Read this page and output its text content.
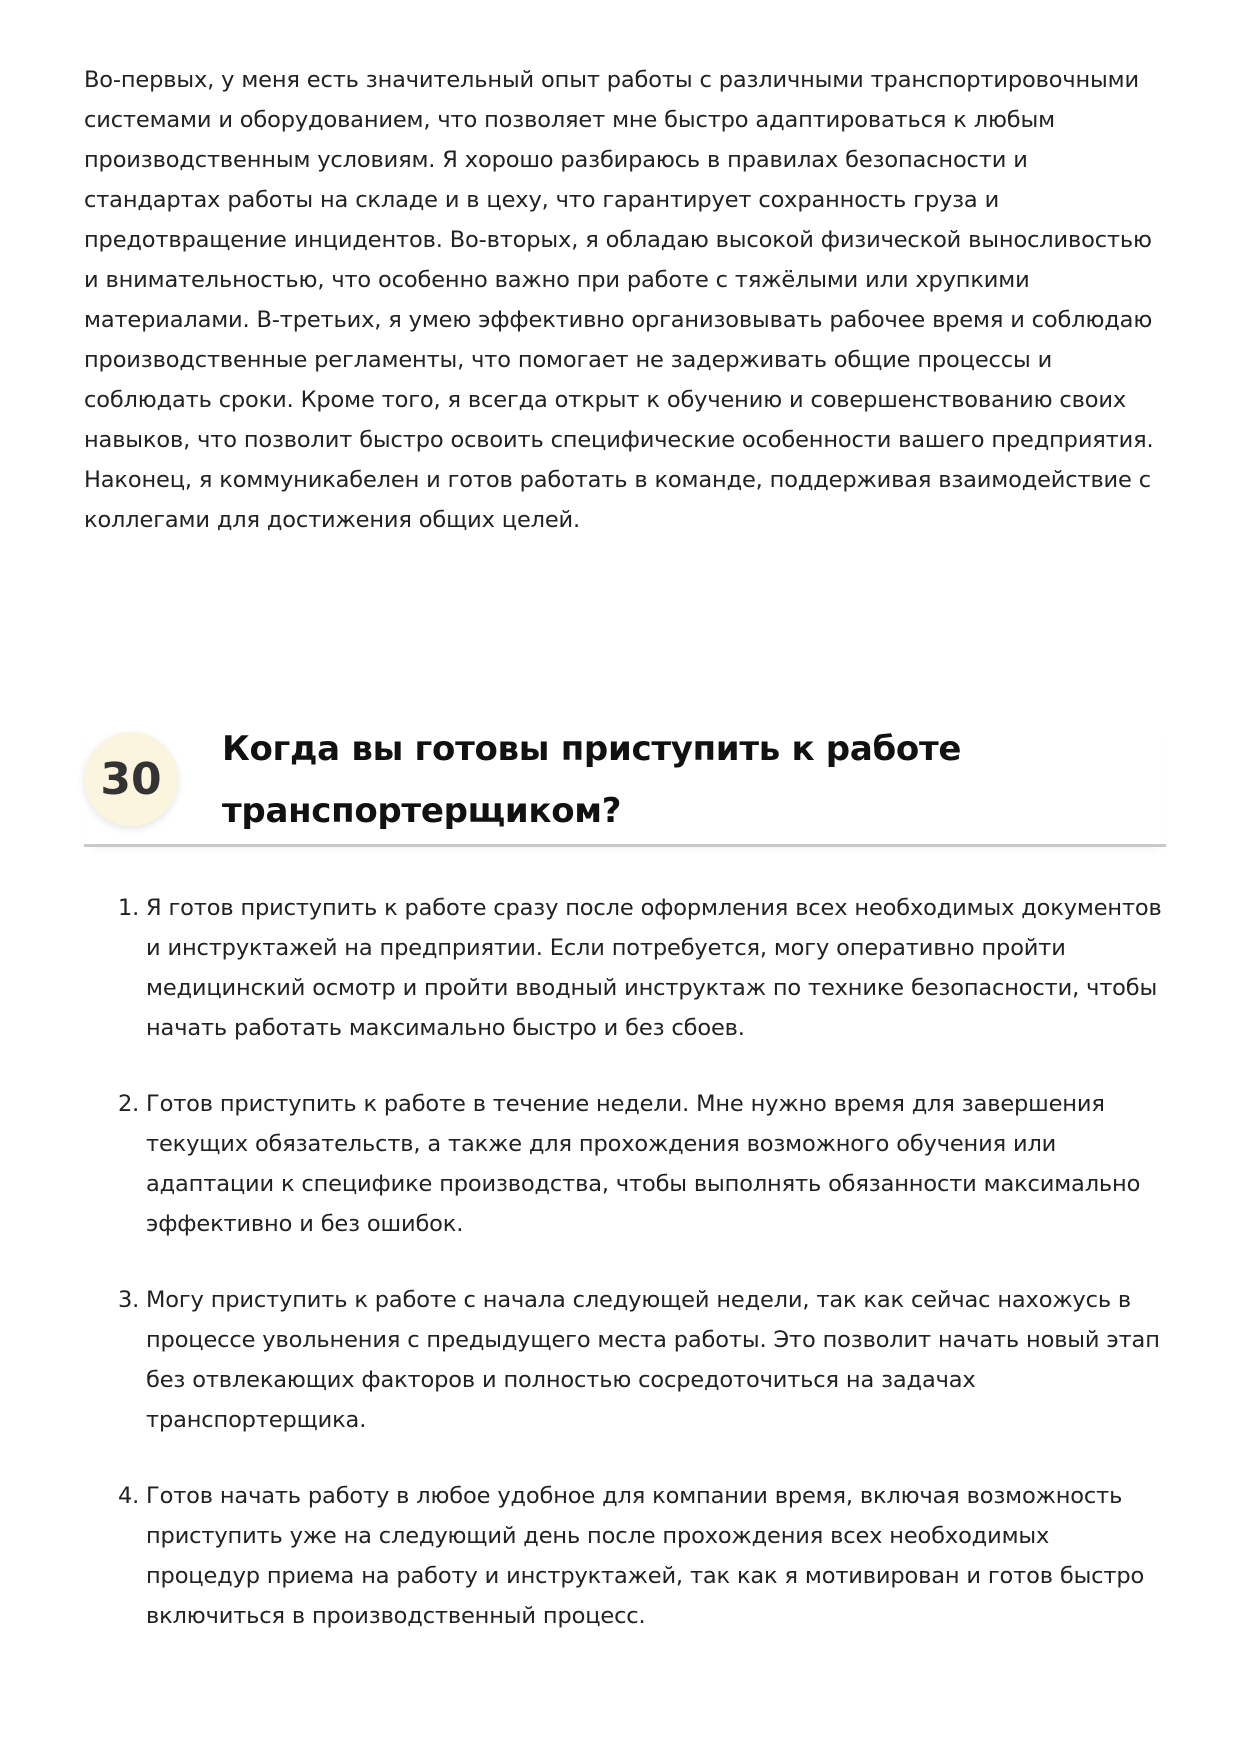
Во-первых, у меня есть значительный опыт работы с различными транспортировочными системами и оборудованием, что позволяет мне быстро адаптироваться к любым производственным условиям. Я хорошо разбираюсь в правилах безопасности и стандартах работы на складе и в цеху, что гарантирует сохранность груза и предотвращение инцидентов. Во-вторых, я обладаю высокой физической выносливостью и внимательностью, что особенно важно при работе с тяжёлыми или хрупкими материалами. В-третьих, я умею эффективно организовывать рабочее время и соблюдаю производственные регламенты, что помогает не задерживать общие процессы и соблюдать сроки. Кроме того, я всегда открыт к обучению и совершенствованию своих навыков, что позволит быстро освоить специфические особенности вашего предприятия. Наконец, я коммуникабелен и готов работать в команде, поддерживая взаимодействие с коллегами для достижения общих целей.

30
Когда вы готовы приступить к работе транспортерщиком?
1. Я готов приступить к работе сразу после оформления всех необходимых документов и инструктажей на предприятии. Если потребуется, могу оперативно пройти медицинский осмотр и пройти вводный инструктаж по технике безопасности, чтобы начать работать максимально быстро и без сбоев.
2. Готов приступить к работе в течение недели. Мне нужно время для завершения текущих обязательств, а также для прохождения возможного обучения или адаптации к специфике производства, чтобы выполнять обязанности максимально эффективно и без ошибок.
3. Могу приступить к работе с начала следующей недели, так как сейчас нахожусь в процессе увольнения с предыдущего места работы. Это позволит начать новый этап без отвлекающих факторов и полностью сосредоточиться на задачах транспортерщика.
4. Готов начать работу в любое удобное для компании время, включая возможность приступить уже на следующий день после прохождения всех необходимых процедур приема на работу и инструктажей, так как я мотивирован и готов быстро включиться в производственный процесс.
